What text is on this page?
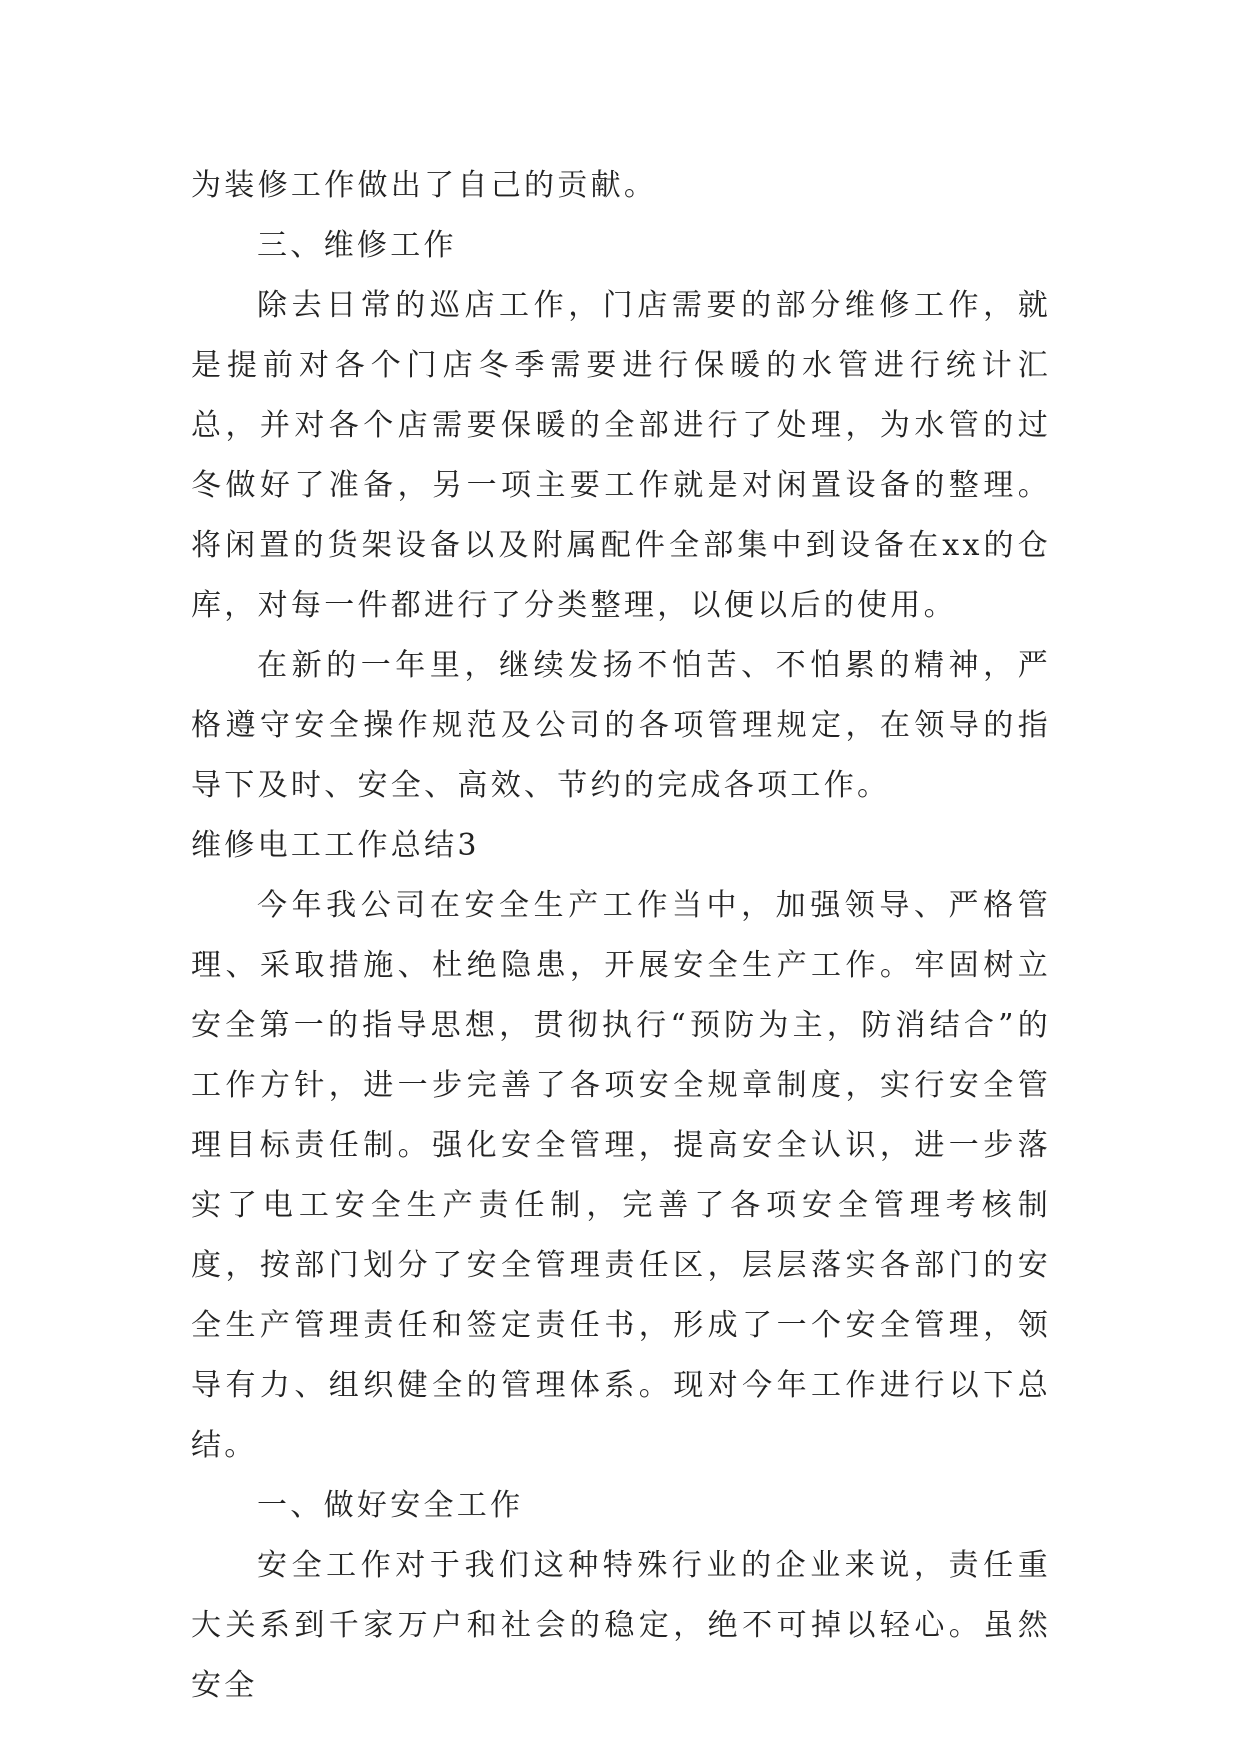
为装修工作做出了自己的贡献。

三、维修工作

除去日常的巡店工作，门店需要的部分维修工作，就是提前对各个门店冬季需要进行保暖的水管进行统计汇总，并对各个店需要保暖的全部进行了处理，为水管的过冬做好了准备，另一项主要工作就是对闲置设备的整理。将闲置的货架设备以及附属配件全部集中到设备在xx的仓库，对每一件都进行了分类整理，以便以后的使用。

在新的一年里，继续发扬不怕苦、不怕累的精神，严格遵守安全操作规范及公司的各项管理规定，在领导的指导下及时、安全、高效、节约的完成各项工作。

维修电工工作总结3

今年我公司在安全生产工作当中，加强领导、严格管理、采取措施、杜绝隐患，开展安全生产工作。牢固树立安全第一的指导思想，贯彻执行“预防为主，防消结合”的工作方针，进一步完善了各项安全规章制度，实行安全管理目标责任制。强化安全管理，提高安全认识，进一步落实了电工安全生产责任制，完善了各项安全管理考核制度，按部门划分了安全管理责任区，层层落实各部门的安全生产管理责任和签定责任书，形成了一个安全管理，领导有力、组织健全的管理体系。现对今年工作进行以下总结。

一、做好安全工作

安全工作对于我们这种特殊行业的企业来说，责任重大关系到千家万户和社会的稳定，绝不可掉以轻心。虽然安全
